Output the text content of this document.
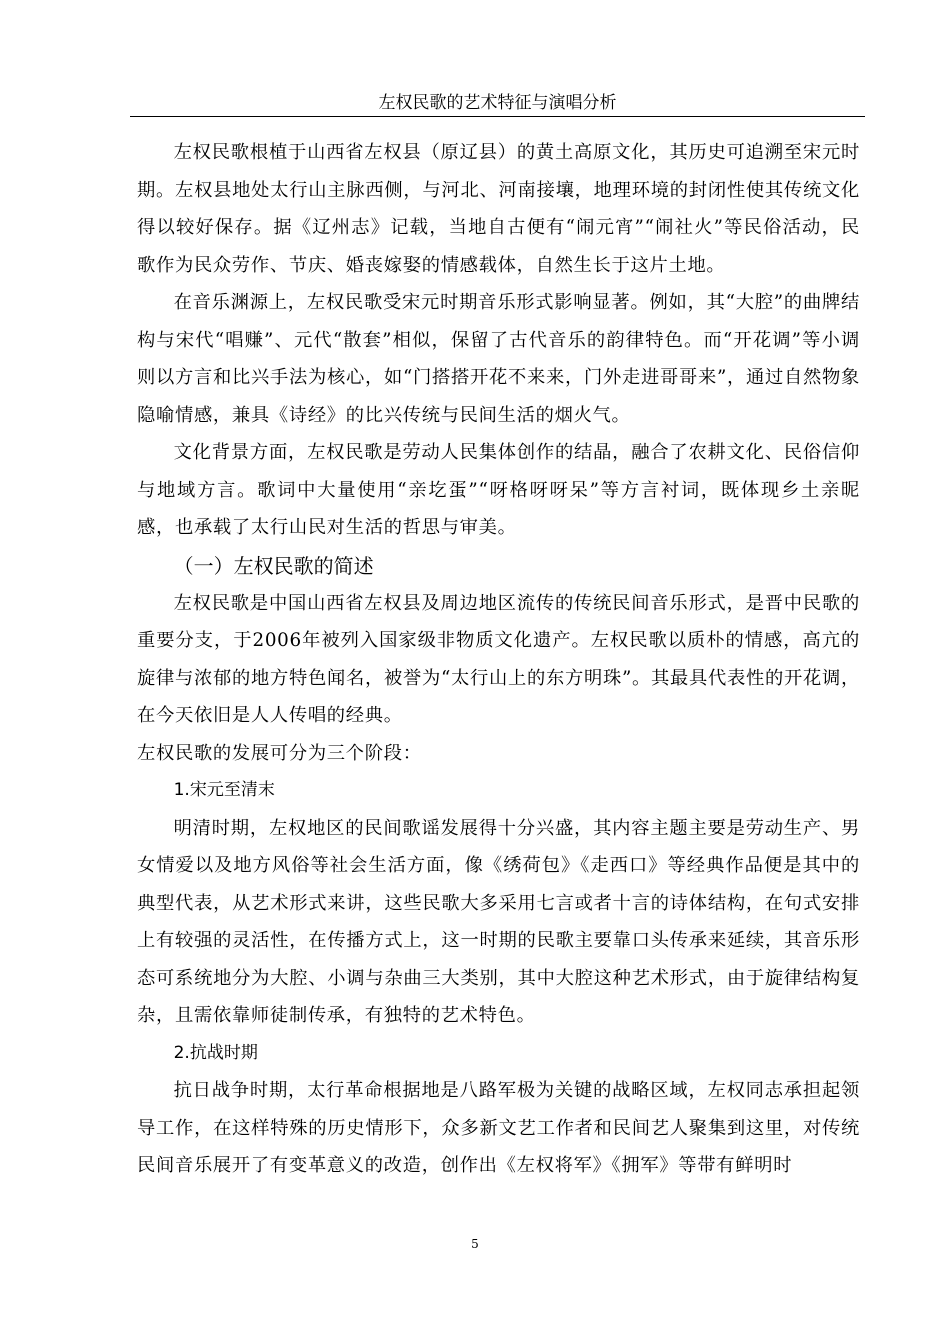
左权民歌的艺术特征与演唱分析

左权民歌根植于山西省左权县（原辽县）的黄土高原文化，其历史可追溯至宋元时期。左权县地处太行山主脉西侧，与河北、河南接壤，地理环境的封闭性使其传统文化得以较好保存。据《辽州志》记载，当地自古便有“闹元宵”“闹社火”等民俗活动，民歌作为民众劳作、节庆、婚丧嫁娶的情感载体，自然生长于这片土地。

在音乐渊源上，左权民歌受宋元时期音乐形式影响显著。例如，其“大腔”的曲牌结构与宋代“唱赚”、元代“散套”相似，保留了古代音乐的韵律特色。而“开花调”等小调则以方言和比兴手法为核心，如“门搭搭开花不来来，门外走进哥哥来”，通过自然物象隐喻情感，兼具《诗经》的比兴传统与民间生活的烟火气。

文化背景方面，左权民歌是劳动人民集体创作的结晶，融合了农耕文化、民俗信仰与地域方言。歌词中大量使用“亲圪蛋”“呀格呀呀呆”等方言衬词，既体现乡土亲昵感，也承载了太行山民对生活的哲思与审美。

（一）左权民歌的简述

左权民歌是中国山西省左权县及周边地区流传的传统民间音乐形式，是晋中民歌的重要分支，于2006年被列入国家级非物质文化遗产。左权民歌以质朴的情感，高亢的旋律与浓郁的地方特色闻名，被誉为“太行山上的东方明珠”。其最具代表性的开花调，在今天依旧是人人传唱的经典。

左权民歌的发展可分为三个阶段：

1.宋元至清末

明清时期，左权地区的民间歌谣发展得十分兴盛，其内容主题主要是劳动生产、男女情爱以及地方风俗等社会生活方面，像《绣荷包》《走西口》等经典作品便是其中的典型代表，从艺术形式来讲，这些民歌大多采用七言或者十言的诗体结构，在句式安排上有较强的灵活性，在传播方式上，这一时期的民歌主要靠口头传承来延续，其音乐形态可系统地分为大腔、小调与杂曲三大类别，其中大腔这种艺术形式，由于旋律结构复杂，且需依靠师徒制传承，有独特的艺术特色。

2.抗战时期

抗日战争时期，太行革命根据地是八路军极为关键的战略区域，左权同志承担起领导工作，在这样特殊的历史情形下，众多新文艺工作者和民间艺人聚集到这里，对传统民间音乐展开了有变革意义的改造，创作出《左权将军》《拥军》等带有鲜明时

5
